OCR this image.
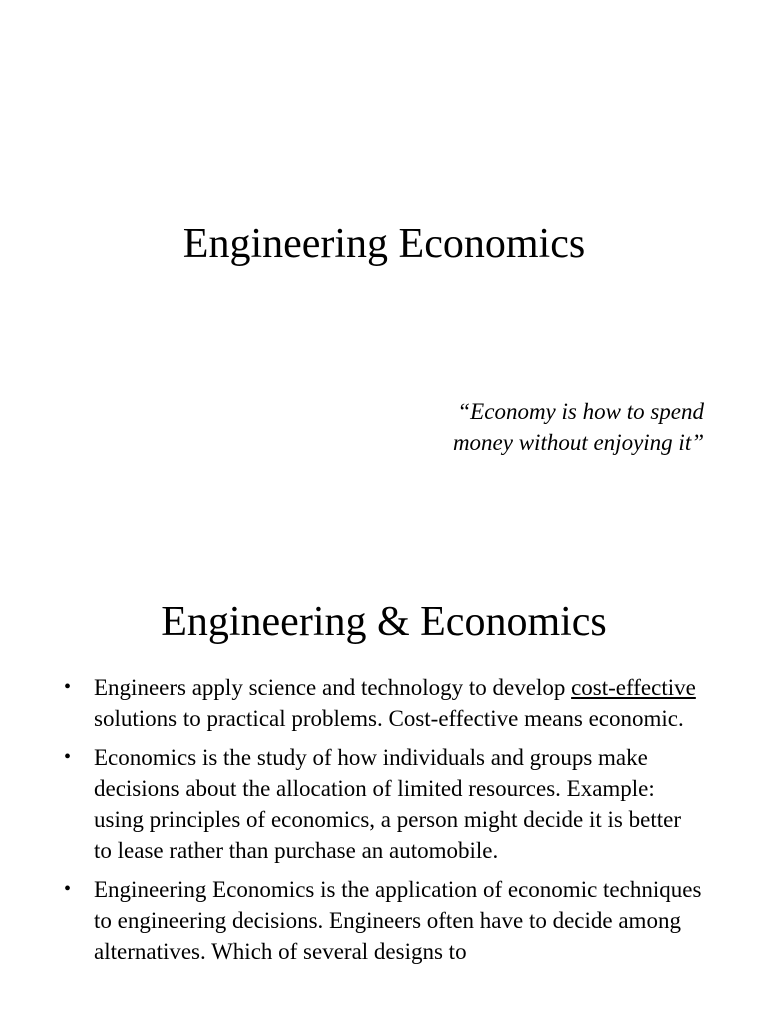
Engineering Economics

“Economy is how to spend
money without enjoying it”

Engineering & Economics
• Engineers apply science and technology to develop cost-effective solutions to practical problems. Cost-effective means economic.
• Economics is the study of how individuals and groups make decisions about the allocation of limited resources. Example: using principles of economics, a person might decide it is better to lease rather than purchase an automobile.
• Engineering Economics is the application of economic techniques to engineering decisions. Engineers often have to decide among alternatives. Which of several designs to
